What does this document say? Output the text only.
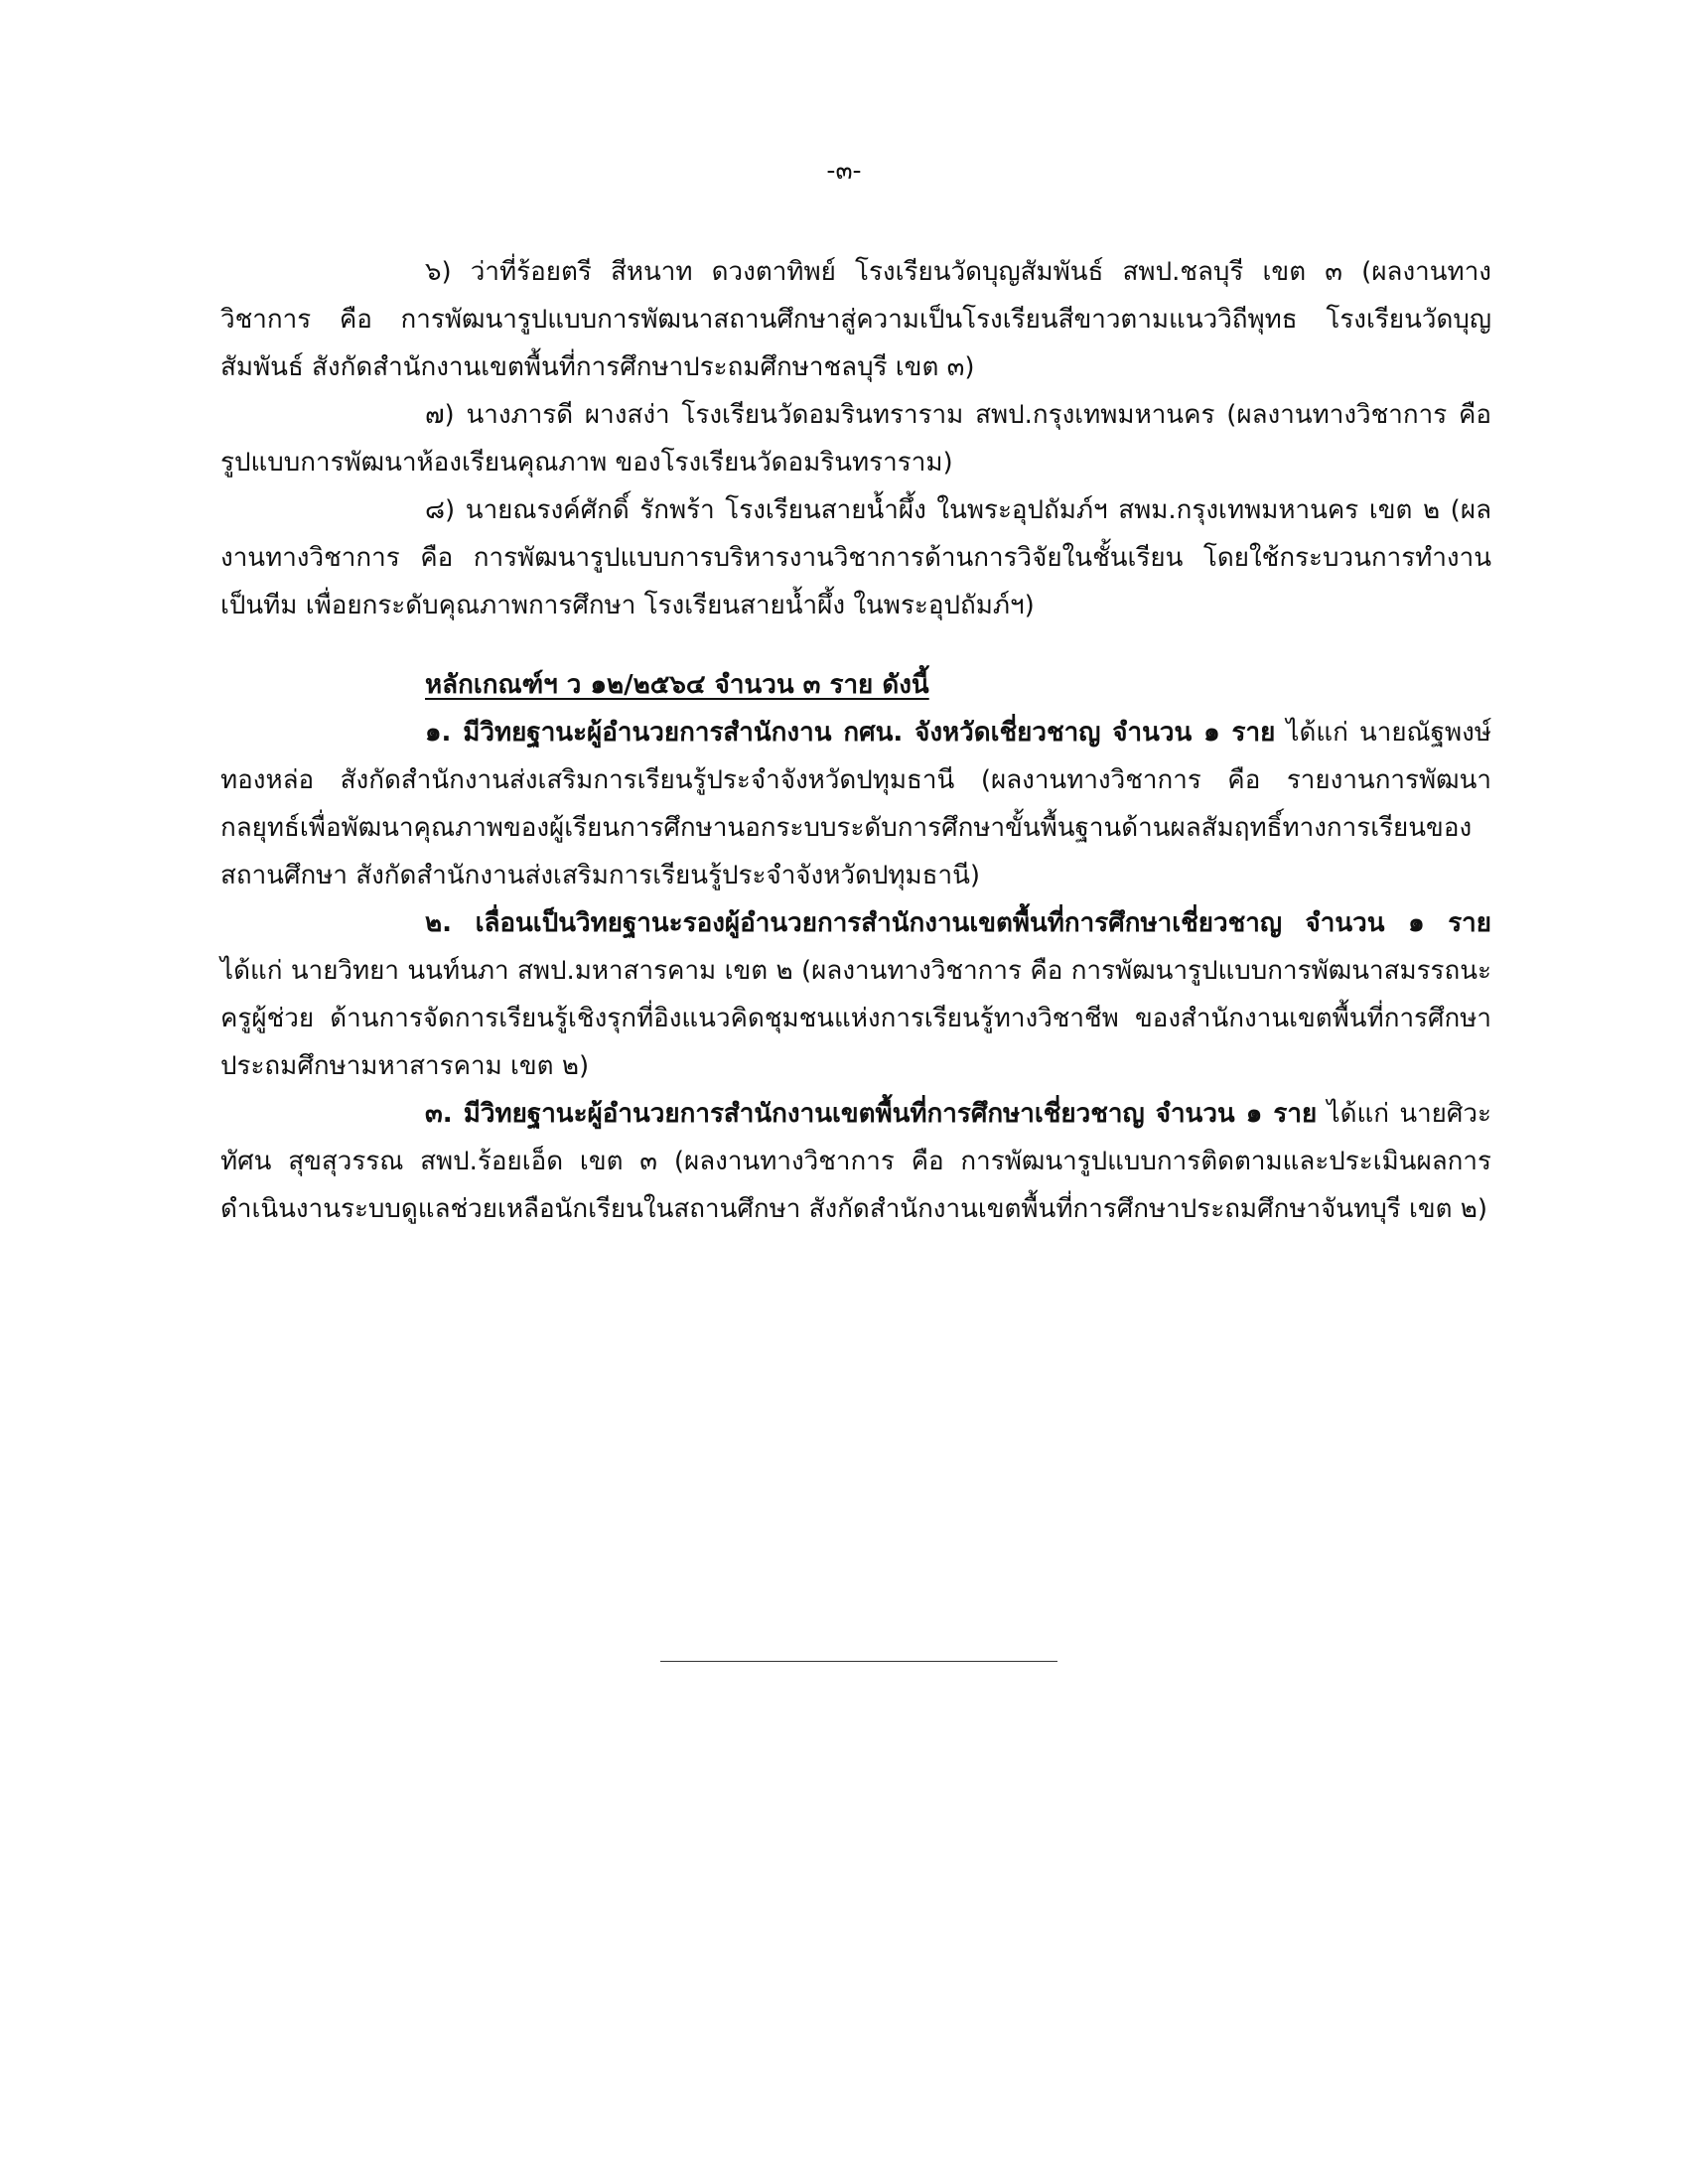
-๓-

๖) ว่าที่ร้อยตรี สีหนาท ดวงตาทิพย์ โรงเรียนวัดบุญสัมพันธ์ สพป.ชลบุรี เขต ๓ (ผลงานทางวิชาการ คือ การพัฒนารูปแบบการพัฒนาสถานศึกษาสู่ความเป็นโรงเรียนสีขาวตามแนววิถีพุทธ โรงเรียนวัดบุญสัมพันธ์ สังกัดสำนักงานเขตพื้นที่การศึกษาประถมศึกษาชลบุรี เขต ๓)

๗) นางภารดี ผางสง่า โรงเรียนวัดอมรินทราราม สพป.กรุงเทพมหานคร (ผลงานทางวิชาการ คือ รูปแบบการพัฒนาห้องเรียนคุณภาพ ของโรงเรียนวัดอมรินทราราม)

๘) นายณรงค์ศักดิ์ รักพร้า โรงเรียนสายน้ำผึ้ง ในพระอุปถัมภ์ฯ สพม.กรุงเทพมหานคร เขต ๒ (ผลงานทางวิชาการ คือ การพัฒนารูปแบบการบริหารงานวิชาการด้านการวิจัยในชั้นเรียน โดยใช้กระบวนการทำงานเป็นทีม เพื่อยกระดับคุณภาพการศึกษา โรงเรียนสายน้ำผึ้ง ในพระอุปถัมภ์ฯ)

หลักเกณฑ์ฯ ว ๑๒/๒๕๖๔ จำนวน ๓ ราย ดังนี้

๑. มีวิทยฐานะผู้อำนวยการสำนักงาน กศน. จังหวัดเชี่ยวชาญ จำนวน ๑ ราย ได้แก่ นายณัฐพงษ์ ทองหล่อ สังกัดสำนักงานส่งเสริมการเรียนรู้ประจำจังหวัดปทุมธานี (ผลงานทางวิชาการ คือ รายงานการพัฒนากลยุทธ์เพื่อพัฒนาคุณภาพของผู้เรียนการศึกษานอกระบบระดับการศึกษาขั้นพื้นฐานด้านผลสัมฤทธิ์ทางการเรียนของสถานศึกษา สังกัดสำนักงานส่งเสริมการเรียนรู้ประจำจังหวัดปทุมธานี)

๒. เลื่อนเป็นวิทยฐานะรองผู้อำนวยการสำนักงานเขตพื้นที่การศึกษาเชี่ยวชาญ จำนวน ๑ ราย ได้แก่ นายวิทยา นนท์นภา สพป.มหาสารคาม เขต ๒ (ผลงานทางวิชาการ คือ การพัฒนารูปแบบการพัฒนาสมรรถนะครูผู้ช่วย ด้านการจัดการเรียนรู้เชิงรุกที่อิงแนวคิดชุมชนแห่งการเรียนรู้ทางวิชาชีพ ของสำนักงานเขตพื้นที่การศึกษาประถมศึกษามหาสารคาม เขต ๒)

๓. มีวิทยฐานะผู้อำนวยการสำนักงานเขตพื้นที่การศึกษาเชี่ยวชาญ จำนวน ๑ ราย ได้แก่ นายศิวะทัศน สุขสุวรรณ สพป.ร้อยเอ็ด เขต ๓ (ผลงานทางวิชาการ คือ การพัฒนารูปแบบการติดตามและประเมินผลการดำเนินงานระบบดูแลช่วยเหลือนักเรียนในสถานศึกษา สังกัดสำนักงานเขตพื้นที่การศึกษาประถมศึกษาจันทบุรี เขต ๒)
